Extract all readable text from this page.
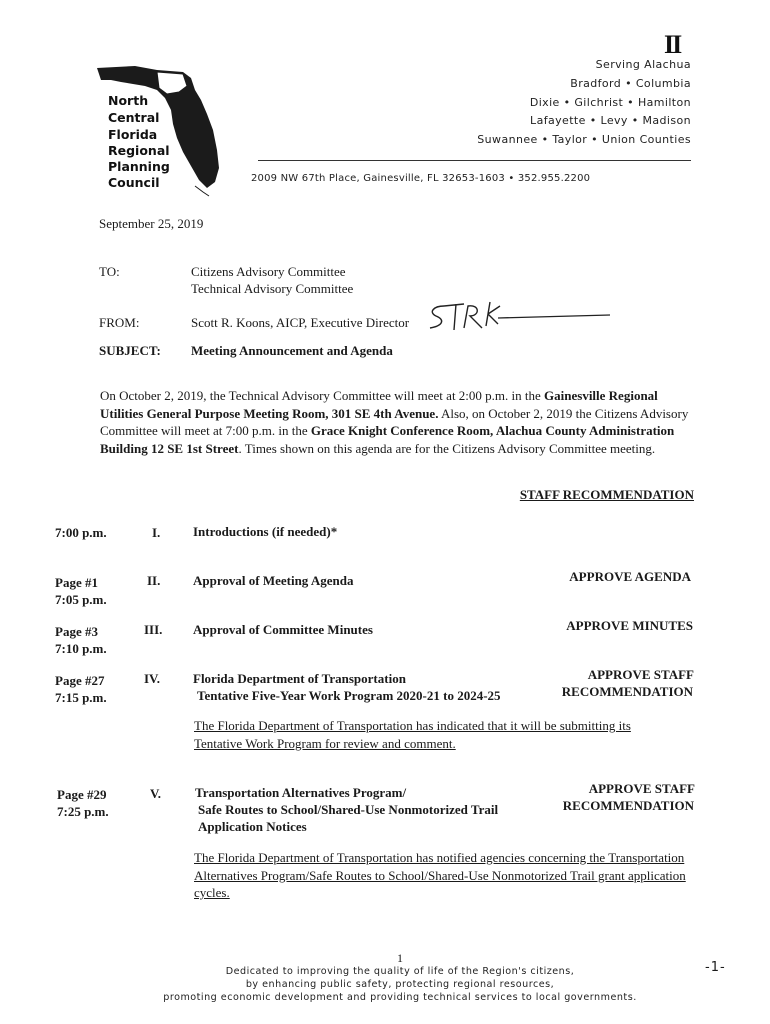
II
North
Central
Florida
Regional
Planning
Council
Serving Alachua
Bradford • Columbia
Dixie • Gilchrist • Hamilton
Lafayette • Levy • Madison
Suwannee • Taylor • Union Counties
2009 NW 67th Place, Gainesville, FL 32653-1603 • 352.955.2200
September 25, 2019
TO:	Citizens Advisory Committee
Technical Advisory Committee
FROM:	Scott R. Koons, AICP, Executive Director
SUBJECT: Meeting Announcement and Agenda
On October 2, 2019, the Technical Advisory Committee will meet at 2:00 p.m. in the Gainesville Regional Utilities General Purpose Meeting Room, 301 SE 4th Avenue. Also, on October 2, 2019 the Citizens Advisory Committee will meet at 7:00 p.m. in the Grace Knight Conference Room, Alachua County Administration Building 12 SE 1st Street. Times shown on this agenda are for the Citizens Advisory Committee meeting.
STAFF RECOMMENDATION
7:00 p.m.	I.	Introductions (if needed)*
Page #1
7:05 p.m.
II.	Approval of Meeting Agenda	APPROVE AGENDA
Page #3
7:10 p.m.
III. Approval of Committee Minutes	APPROVE MINUTES
Page #27
7:15 p.m.
IV.	Florida Department of Transportation
Tentative Five-Year Work Program 2020-21 to 2024-25
APPROVE STAFF
RECOMMENDATION
The Florida Department of Transportation has indicated that it will be submitting its Tentative Work Program for review and comment.
Page #29
7:25 p.m.
V.	Transportation Alternatives Program/
Safe Routes to School/Shared-Use Nonmotorized Trail
Application Notices
APPROVE STAFF
RECOMMENDATION
The Florida Department of Transportation has notified agencies concerning the Transportation Alternatives Program/Safe Routes to School/Shared-Use Nonmotorized Trail grant application cycles.
1
-1-
Dedicated to improving the quality of life of the Region's citizens,
by enhancing public safety, protecting regional resources,
promoting economic development and providing technical services to local governments.
